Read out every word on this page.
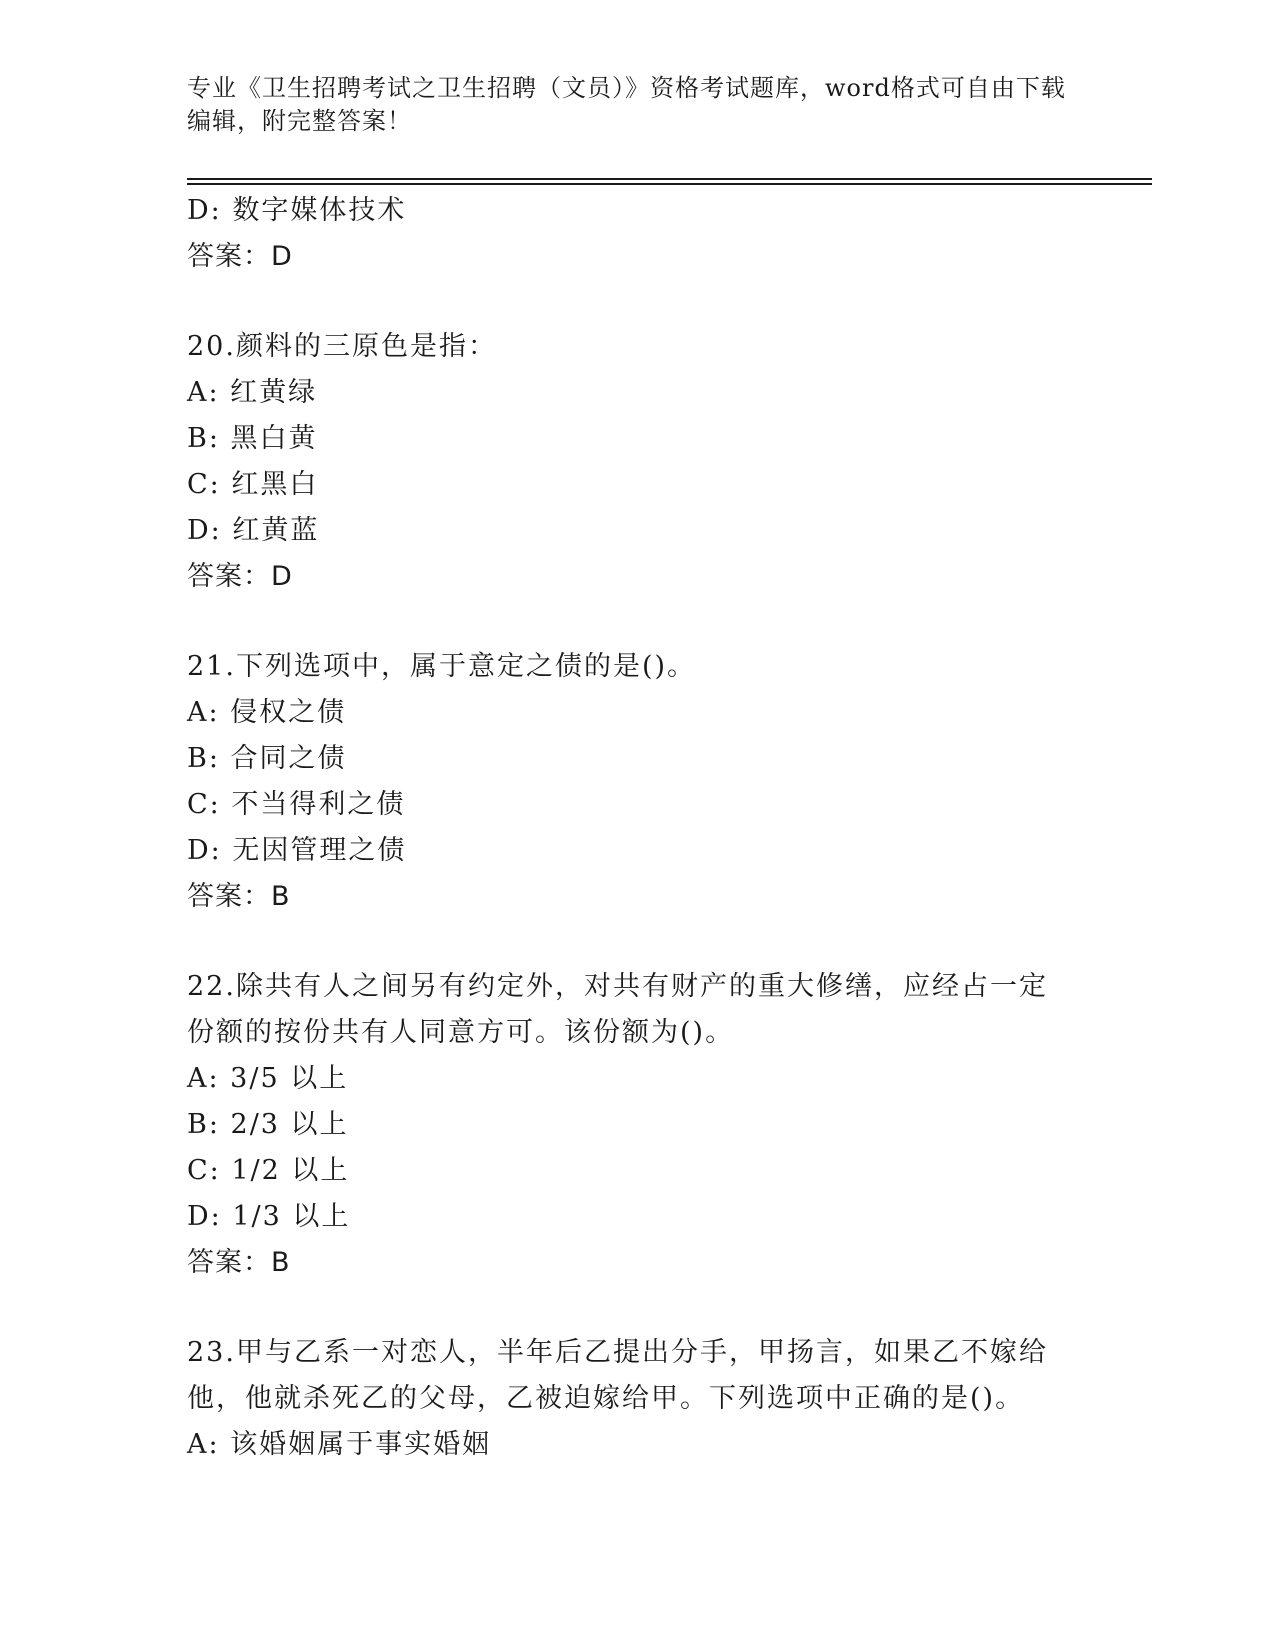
专业《卫生招聘考试之卫生招聘（文员）》资格考试题库，word格式可自由下载编辑，附完整答案！
D: 数字媒体技术
答案：D
20.颜料的三原色是指：
A: 红黄绿
B: 黑白黄
C: 红黑白
D: 红黄蓝
答案：D
21.下列选项中，属于意定之债的是()。
A: 侵权之债
B: 合同之债
C: 不当得利之债
D: 无因管理之债
答案：B
22.除共有人之间另有约定外，对共有财产的重大修缮，应经占一定份额的按份共有人同意方可。该份额为()。
A: 3/5 以上
B: 2/3 以上
C: 1/2 以上
D: 1/3 以上
答案：B
23.甲与乙系一对恋人，半年后乙提出分手，甲扬言，如果乙不嫁给他，他就杀死乙的父母，乙被迫嫁给甲。下列选项中正确的是()。
A: 该婚姻属于事实婚姻
